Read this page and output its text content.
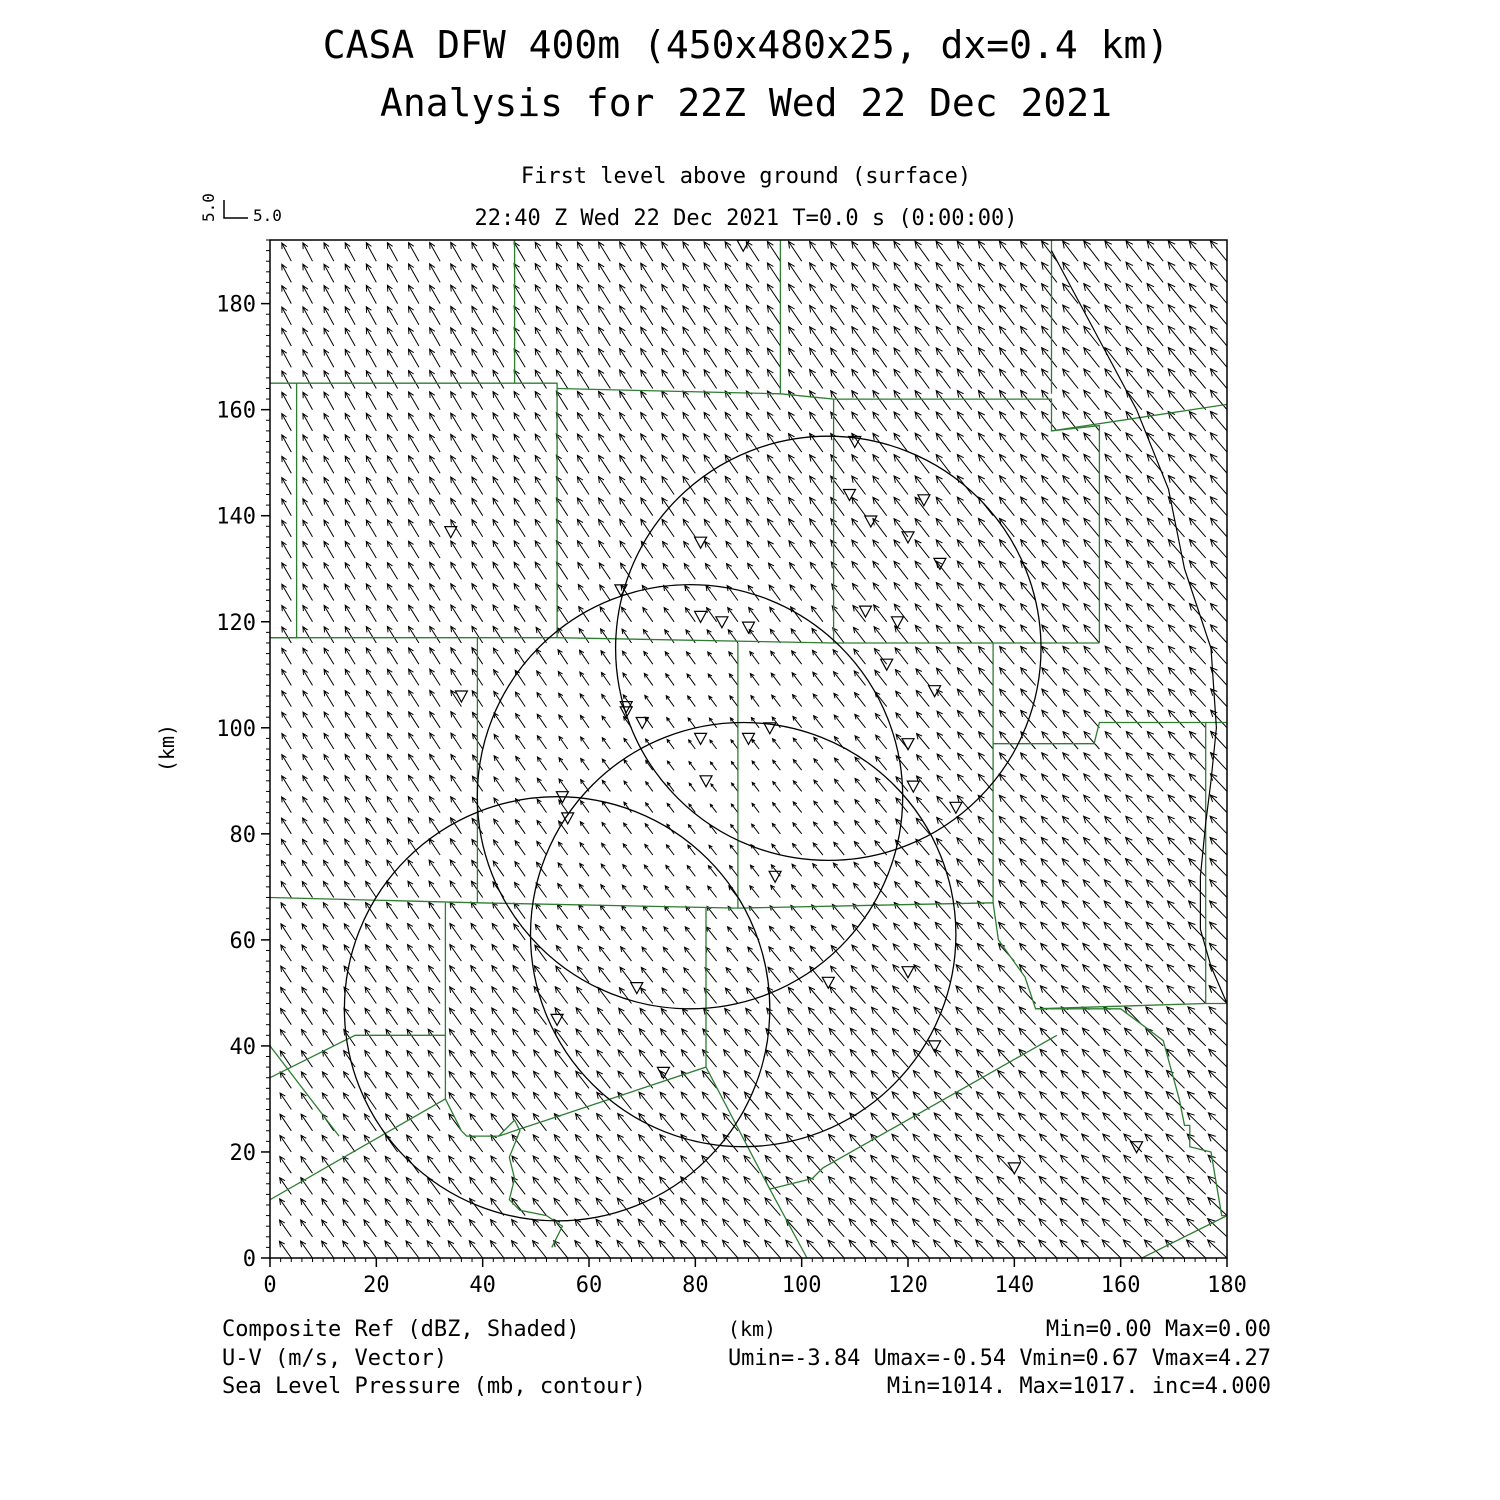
CASA DFW 400m (450x480x25, dx=0.4 km)
Analysis for 22Z Wed 22 Dec 2021
First level above ground (surface)
22:40 Z Wed 22 Dec 2021 T=0.0 s (0:00:00)
5.0
5.0
0	20	40	60	80	100	120	140	160	180
0
20
40
60
80
100
120
140
160
180
(km)
Composite Ref (dBZ, Shaded)
U-V (m/s, Vector)
Sea Level Pressure (mb, contour)
(km)	Min=0.00 Max=0.00
Umin=-3.84 Umax=-0.54 Vmin=0.67 Vmax=4.27
Min=1014. Max=1017. inc=4.000
